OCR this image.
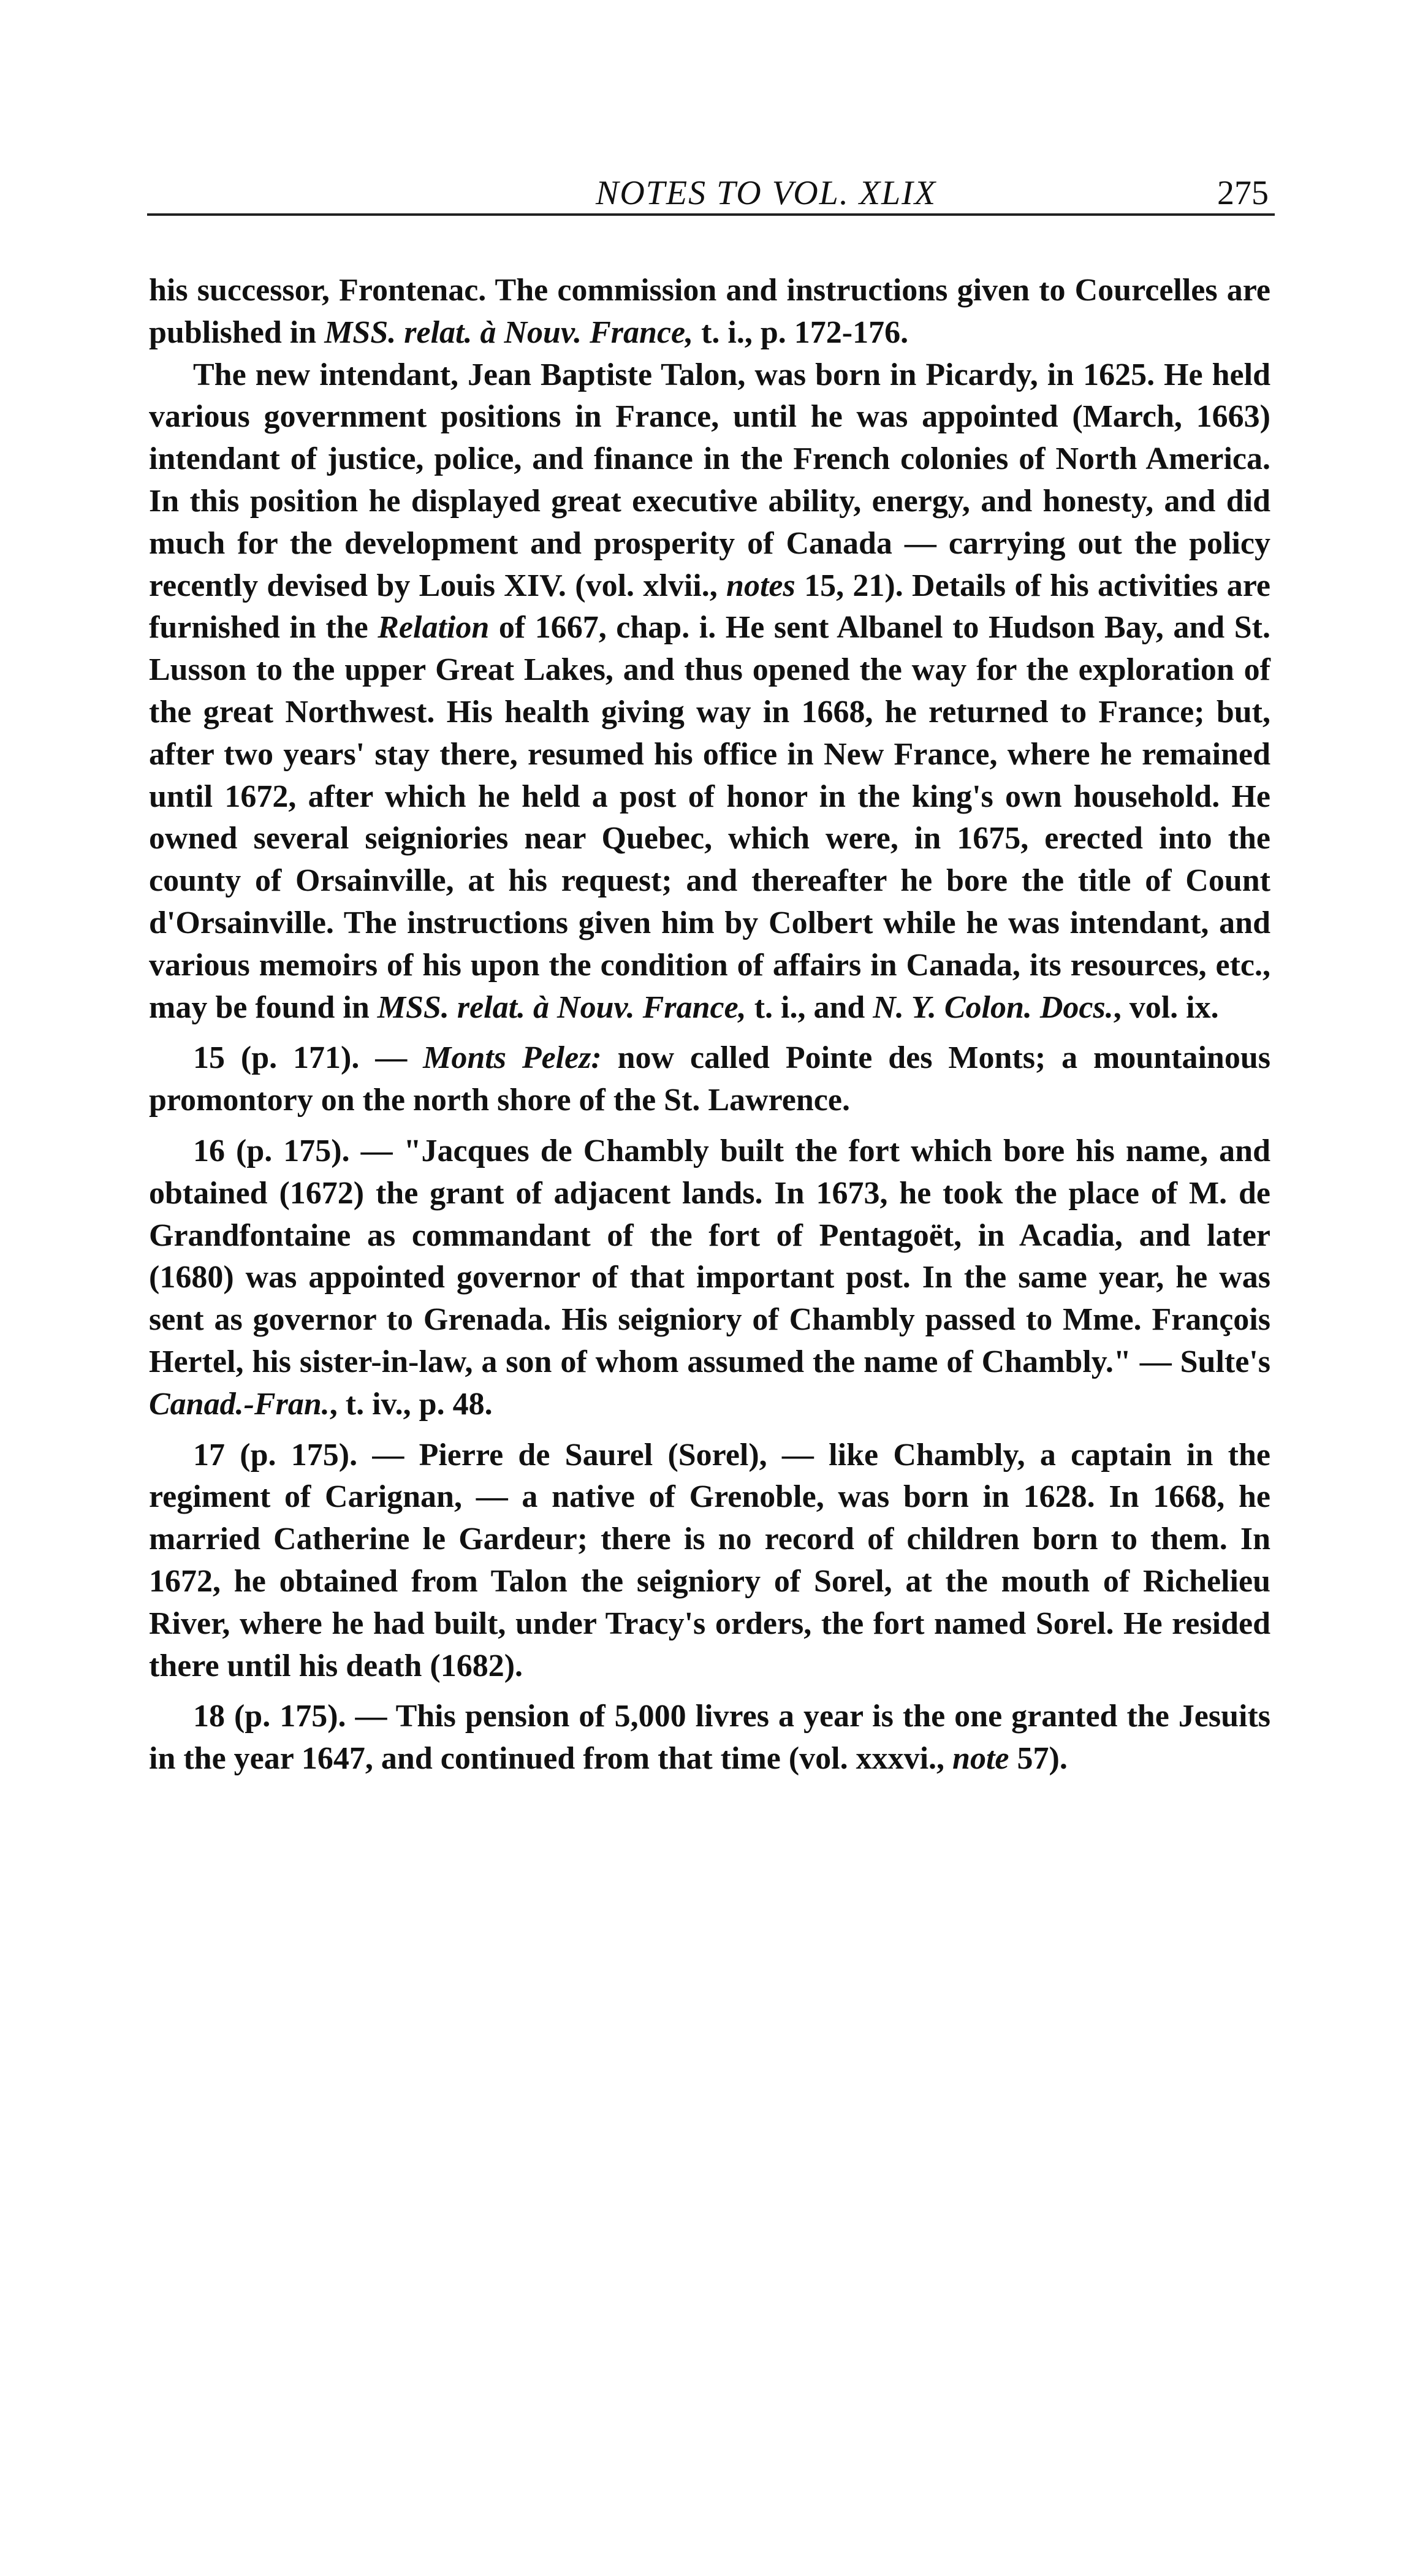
NOTES TO VOL. XLIX	275

his successor, Frontenac. The commission and instructions given to Courcelles are published in MSS. relat. à Nouv. France, t. i., p. 172-176.

The new intendant, Jean Baptiste Talon, was born in Picardy, in 1625. He held various government positions in France, until he was appointed (March, 1663) intendant of justice, police, and finance in the French colonies of North America. In this position he displayed great executive ability, energy, and honesty, and did much for the development and prosperity of Canada — carrying out the policy recently devised by Louis XIV. (vol. xlvii., notes 15, 21). Details of his activities are furnished in the Relation of 1667, chap. i. He sent Albanel to Hudson Bay, and St. Lusson to the upper Great Lakes, and thus opened the way for the exploration of the great Northwest. His health giving way in 1668, he returned to France; but, after two years' stay there, resumed his office in New France, where he remained until 1672, after which he held a post of honor in the king's own household. He owned several seigniories near Quebec, which were, in 1675, erected into the county of Orsainville, at his request; and thereafter he bore the title of Count d'Orsainville. The instructions given him by Colbert while he was intendant, and various memoirs of his upon the condition of affairs in Canada, its resources, etc., may be found in MSS. relat. à Nouv. France, t. i., and N. Y. Colon. Docs., vol. ix.

15 (p. 171). — Monts Pelez: now called Pointe des Monts; a mountainous promontory on the north shore of the St. Lawrence.

16 (p. 175). — "Jacques de Chambly built the fort which bore his name, and obtained (1672) the grant of adjacent lands. In 1673, he took the place of M. de Grandfontaine as commandant of the fort of Pentagoët, in Acadia, and later (1680) was appointed governor of that important post. In the same year, he was sent as governor to Grenada. His seigniory of Chambly passed to Mme. François Hertel, his sister-in-law, a son of whom assumed the name of Chambly." — Sulte's Canad.-Fran., t. iv., p. 48.

17 (p. 175). — Pierre de Saurel (Sorel), — like Chambly, a captain in the regiment of Carignan, — a native of Grenoble, was born in 1628. In 1668, he married Catherine le Gardeur; there is no record of children born to them. In 1672, he obtained from Talon the seigniory of Sorel, at the mouth of Richelieu River, where he had built, under Tracy's orders, the fort named Sorel. He resided there until his death (1682).

18 (p. 175). — This pension of 5,000 livres a year is the one granted the Jesuits in the year 1647, and continued from that time (vol. xxxvi., note 57).
